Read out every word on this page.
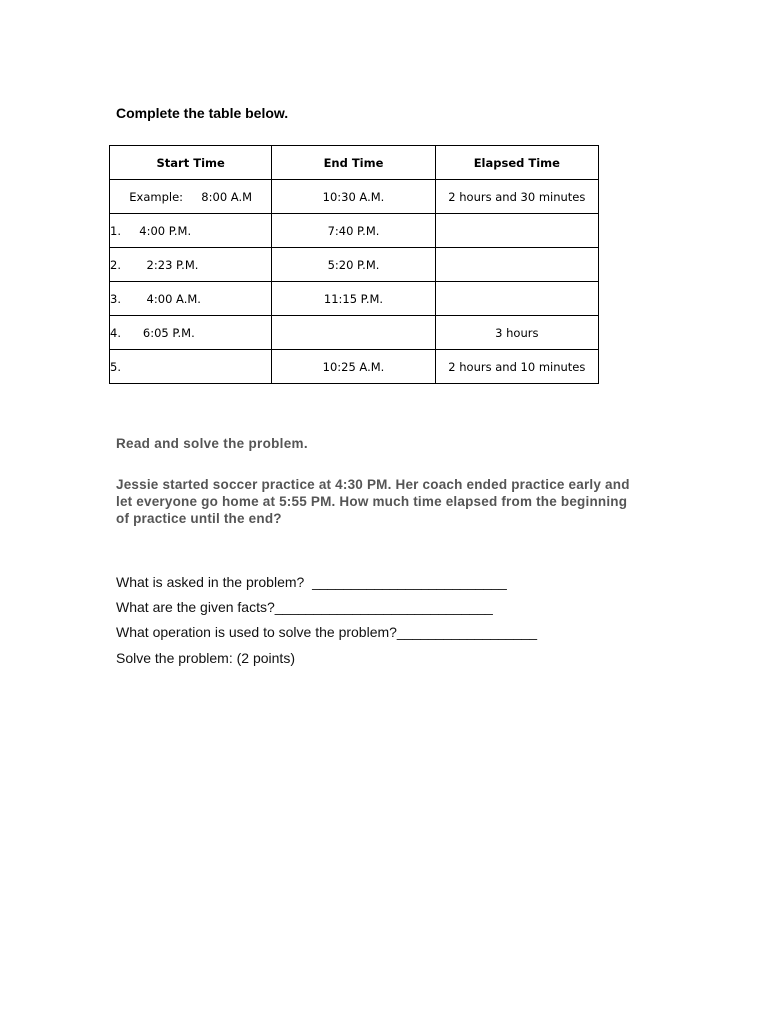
Complete the table below.
Start Time	End Time	Elapsed Time
Example:     8:00 A.M	10:30 A.M.	2 hours and 30 minutes
1.     4:00 P.M.	7:40 P.M.	
2.       2:23 P.M.	5:20 P.M.	
3.       4:00 A.M.	11:15 P.M.	
4.      6:05 P.M.		3 hours
5.	10:25 A.M.	2 hours and 10 minutes
Read and solve the problem.
Jessie started soccer practice at 4:30 PM. Her coach ended practice early and let everyone go home at 5:55 PM. How much time elapsed from the beginning of practice until the end?
What is asked in the problem?  _________________________
What are the given facts?____________________________
What operation is used to solve the problem?__________________
Solve the problem: (2 points)
